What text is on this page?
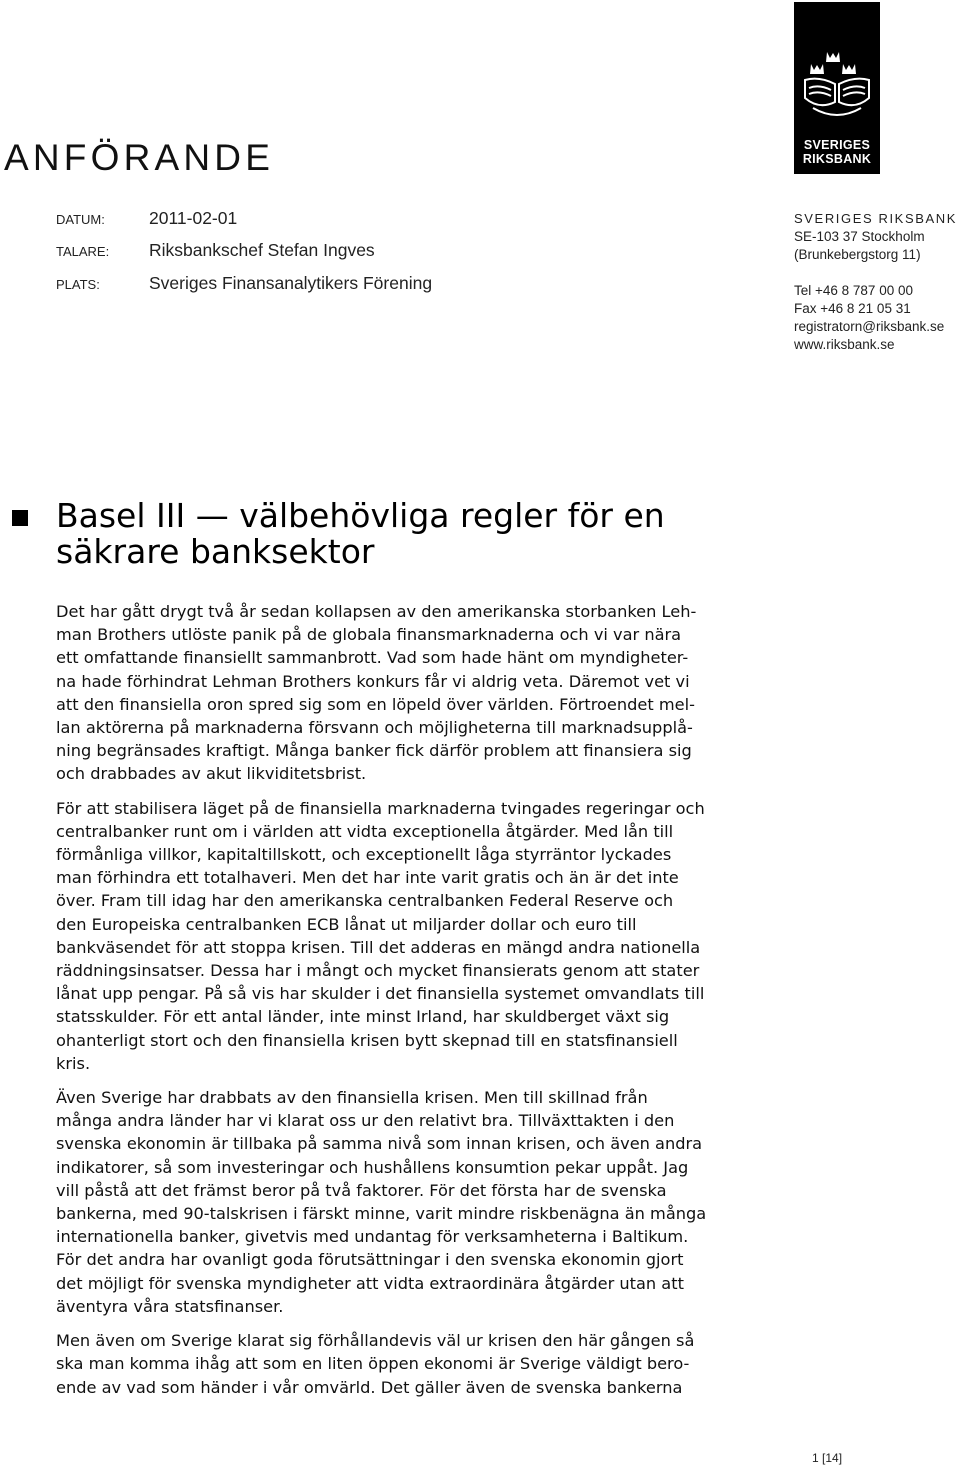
SVERIGES
RIKSBANK
ANFÖRANDE
DATUM:	2011-02-01
TALARE: Riksbankschef Stefan Ingves
PLATS:	Sveriges Finansanalytikers Förening
SVERIGES RIKSBANK
SE-103 37 Stockholm
(Brunkebergstorg 11)
Tel +46 8 787 00 00
Fax +46 8 21 05 31
registratorn@riksbank.se
www.riksbank.se
Basel III — välbehövliga regler för en
säkrare banksektor

Det har gått drygt två år sedan kollapsen av den amerikanska storbanken Leh-
man Brothers utlöste panik på de globala finansmarknaderna och vi var nära
ett omfattande finansiellt sammanbrott. Vad som hade hänt om myndigheter-
na hade förhindrat Lehman Brothers konkurs får vi aldrig veta. Däremot vet vi
att den finansiella oron spred sig som en löpeld över världen. Förtroendet mel-
lan aktörerna på marknaderna försvann och möjligheterna till marknadsupplå-
ning begränsades kraftigt. Många banker fick därför problem att finansiera sig
och drabbades av akut likviditetsbrist.

För att stabilisera läget på de finansiella marknaderna tvingades regeringar och
centralbanker runt om i världen att vidta exceptionella åtgärder. Med lån till
förmånliga villkor, kapitaltillskott, och exceptionellt låga styrräntor lyckades
man förhindra ett totalhaveri. Men det har inte varit gratis och än är det inte
över. Fram till idag har den amerikanska centralbanken Federal Reserve och
den Europeiska centralbanken ECB lånat ut miljarder dollar och euro till
bankväsendet för att stoppa krisen. Till det adderas en mängd andra nationella
räddningsinsatser. Dessa har i mångt och mycket finansierats genom att stater
lånat upp pengar. På så vis har skulder i det finansiella systemet omvandlats till
statsskulder. För ett antal länder, inte minst Irland, har skuldberget växt sig
ohanterligt stort och den finansiella krisen bytt skepnad till en statsfinansiell
kris.

Även Sverige har drabbats av den finansiella krisen. Men till skillnad från
många andra länder har vi klarat oss ur den relativt bra. Tillväxttakten i den
svenska ekonomin är tillbaka på samma nivå som innan krisen, och även andra
indikatorer, så som investeringar och hushållens konsumtion pekar uppåt. Jag
vill påstå att det främst beror på två faktorer. För det första har de svenska
bankerna, med 90-talskrisen i färskt minne, varit mindre riskbenägna än många
internationella banker, givetvis med undantag för verksamheterna i Baltikum.
För det andra har ovanligt goda förutsättningar i den svenska ekonomin gjort
det möjligt för svenska myndigheter att vidta extraordinära åtgärder utan att
äventyra våra statsfinanser.

Men även om Sverige klarat sig förhållandevis väl ur krisen den här gången så
ska man komma ihåg att som en liten öppen ekonomi är Sverige väldigt bero-
ende av vad som händer i vår omvärld. Det gäller även de svenska bankerna

1 [14]
